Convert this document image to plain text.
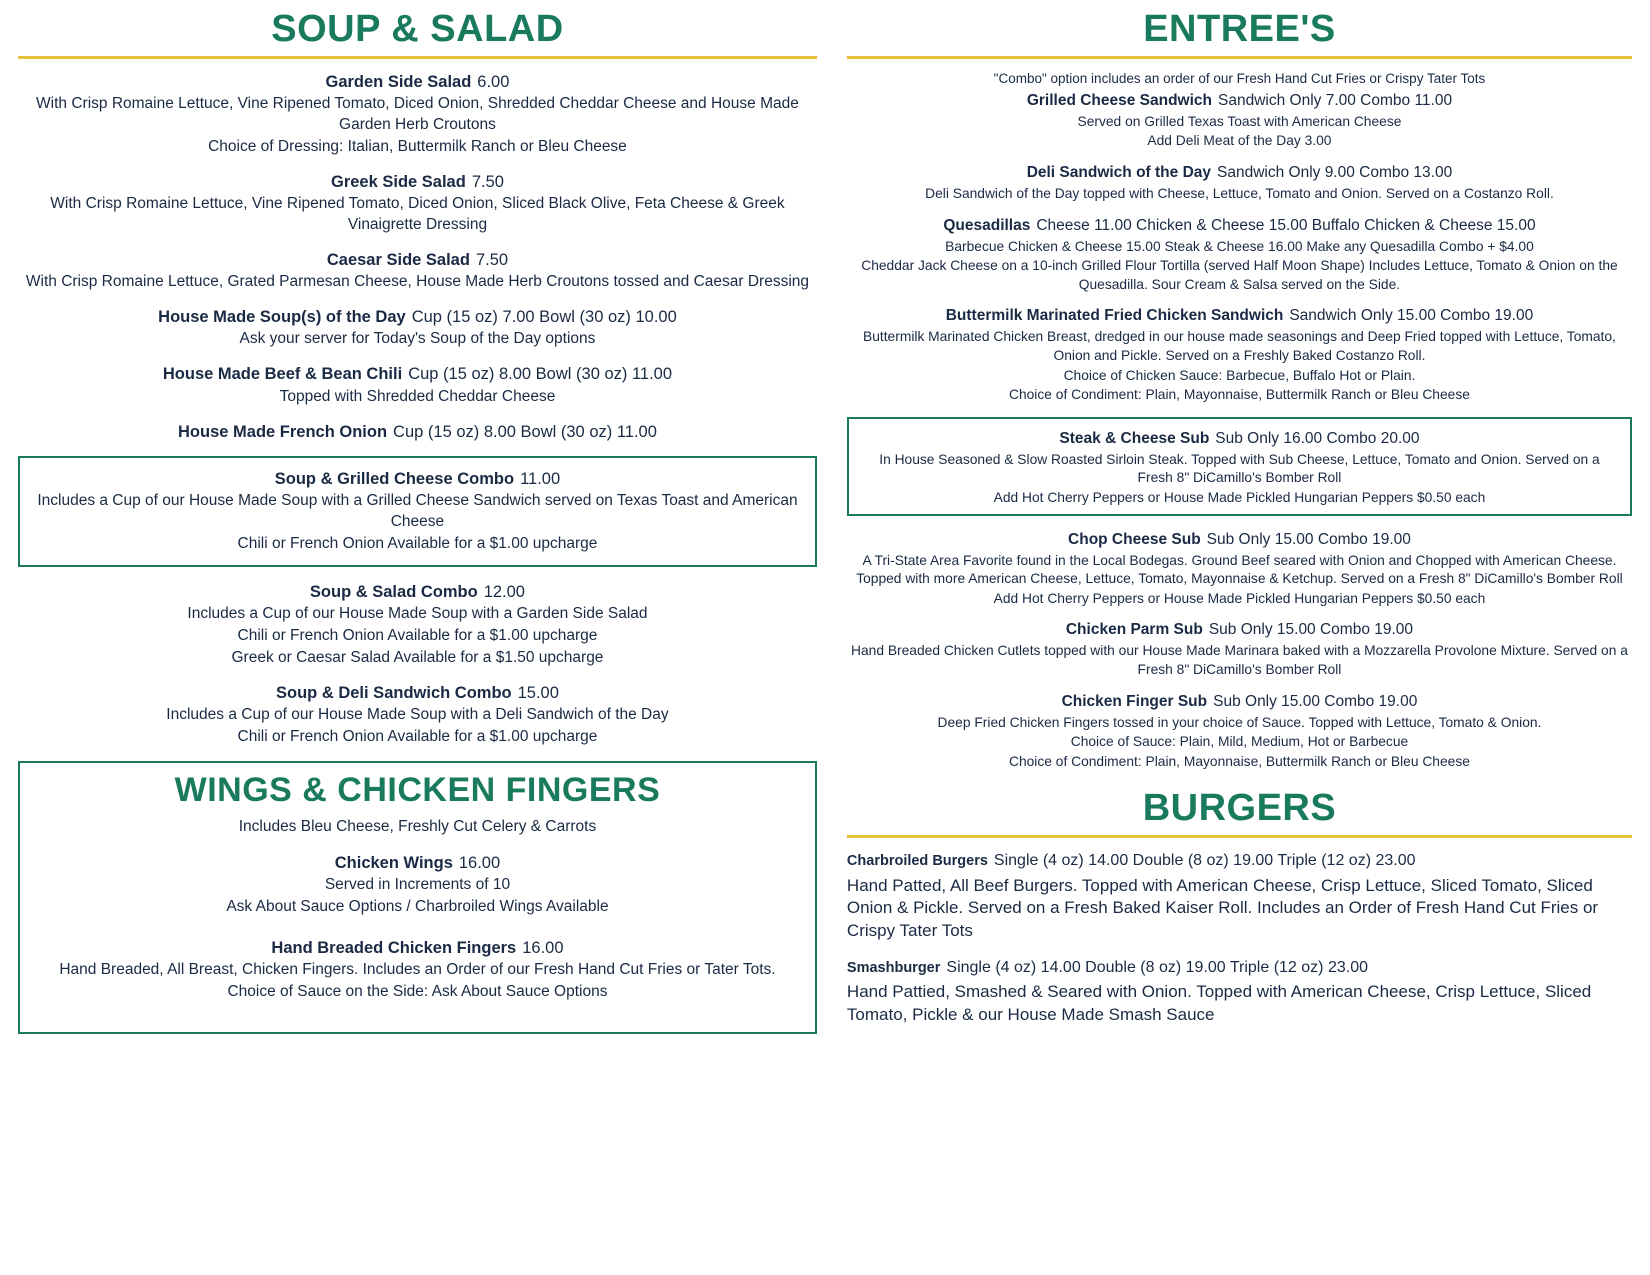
SOUP & SALAD
Garden Side Salad 6.00
With Crisp Romaine Lettuce, Vine Ripened Tomato, Diced Onion, Shredded Cheddar Cheese and House Made Garden Herb Croutons
Choice of Dressing: Italian, Buttermilk Ranch or Bleu Cheese
Greek Side Salad 7.50
With Crisp Romaine Lettuce, Vine Ripened Tomato, Diced Onion, Sliced Black Olive, Feta Cheese & Greek Vinaigrette Dressing
Caesar Side Salad 7.50
With Crisp Romaine Lettuce, Grated Parmesan Cheese, House Made Herb Croutons tossed and Caesar Dressing
House Made Soup(s) of the Day Cup (15 oz) 7.00 Bowl (30 oz) 10.00
Ask your server for Today's Soup of the Day options
House Made Beef & Bean Chili Cup (15 oz) 8.00 Bowl (30 oz) 11.00
Topped with Shredded Cheddar Cheese
House Made French Onion Cup (15 oz) 8.00 Bowl (30 oz) 11.00
Soup & Grilled Cheese Combo 11.00
Includes a Cup of our House Made Soup with a Grilled Cheese Sandwich served on Texas Toast and American Cheese
Chili or French Onion Available for a $1.00 upcharge
Soup & Salad Combo 12.00
Includes a Cup of our House Made Soup with a Garden Side Salad
Chili or French Onion Available for a $1.00 upcharge
Greek or Caesar Salad Available for a $1.50 upcharge
Soup & Deli Sandwich Combo 15.00
Includes a Cup of our House Made Soup with a Deli Sandwich of the Day
Chili or French Onion Available for a $1.00 upcharge
WINGS & CHICKEN FINGERS
Includes Bleu Cheese, Freshly Cut Celery & Carrots
Chicken Wings 16.00
Served in Increments of 10
Ask About Sauce Options / Charbroiled Wings Available
Hand Breaded Chicken Fingers 16.00
Hand Breaded, All Breast, Chicken Fingers. Includes an Order of our Fresh Hand Cut Fries or Tater Tots.
Choice of Sauce on the Side: Ask About Sauce Options
ENTREE'S
"Combo" option includes an order of our Fresh Hand Cut Fries or Crispy Tater Tots
Grilled Cheese Sandwich Sandwich Only 7.00 Combo 11.00
Served on Grilled Texas Toast with American Cheese
Add Deli Meat of the Day 3.00
Deli Sandwich of the Day Sandwich Only 9.00 Combo 13.00
Deli Sandwich of the Day topped with Cheese, Lettuce, Tomato and Onion. Served on a Costanzo Roll.
Quesadillas Cheese 11.00 Chicken & Cheese 15.00 Buffalo Chicken & Cheese 15.00
Barbecue Chicken & Cheese 15.00 Steak & Cheese 16.00 Make any Quesadilla Combo + $4.00
Cheddar Jack Cheese on a 10-inch Grilled Flour Tortilla (served Half Moon Shape) Includes Lettuce, Tomato & Onion on the Quesadilla. Sour Cream & Salsa served on the Side.
Buttermilk Marinated Fried Chicken Sandwich Sandwich Only 15.00 Combo 19.00
Buttermilk Marinated Chicken Breast, dredged in our house made seasonings and Deep Fried topped with Lettuce, Tomato, Onion and Pickle. Served on a Freshly Baked Costanzo Roll.
Choice of Chicken Sauce: Barbecue, Buffalo Hot or Plain.
Choice of Condiment: Plain, Mayonnaise, Buttermilk Ranch or Bleu Cheese
Steak & Cheese Sub Sub Only 16.00 Combo 20.00
In House Seasoned & Slow Roasted Sirloin Steak. Topped with Sub Cheese, Lettuce, Tomato and Onion. Served on a Fresh 8" DiCamillo's Bomber Roll
Add Hot Cherry Peppers or House Made Pickled Hungarian Peppers $0.50 each
Chop Cheese Sub Sub Only 15.00 Combo 19.00
A Tri-State Area Favorite found in the Local Bodegas. Ground Beef seared with Onion and Chopped with American Cheese. Topped with more American Cheese, Lettuce, Tomato, Mayonnaise & Ketchup. Served on a Fresh 8" DiCamillo's Bomber Roll
Add Hot Cherry Peppers or House Made Pickled Hungarian Peppers $0.50 each
Chicken Parm Sub Sub Only 15.00 Combo 19.00
Hand Breaded Chicken Cutlets topped with our House Made Marinara baked with a Mozzarella Provolone Mixture. Served on a Fresh 8" DiCamillo's Bomber Roll
Chicken Finger Sub Sub Only 15.00 Combo 19.00
Deep Fried Chicken Fingers tossed in your choice of Sauce. Topped with Lettuce, Tomato & Onion.
Choice of Sauce: Plain, Mild, Medium, Hot or Barbecue
Choice of Condiment: Plain, Mayonnaise, Buttermilk Ranch or Bleu Cheese
BURGERS
Charbroiled Burgers Single (4 oz) 14.00 Double (8 oz) 19.00 Triple (12 oz) 23.00
Hand Patted, All Beef Burgers. Topped with American Cheese, Crisp Lettuce, Sliced Tomato, Sliced Onion & Pickle. Served on a Fresh Baked Kaiser Roll. Includes an Order of Fresh Hand Cut Fries or Crispy Tater Tots
Smashburger Single (4 oz) 14.00 Double (8 oz) 19.00 Triple (12 oz) 23.00
Hand Pattied, Smashed & Seared with Onion. Topped with American Cheese, Crisp Lettuce, Sliced Tomato, Pickle & our House Made Smash Sauce
